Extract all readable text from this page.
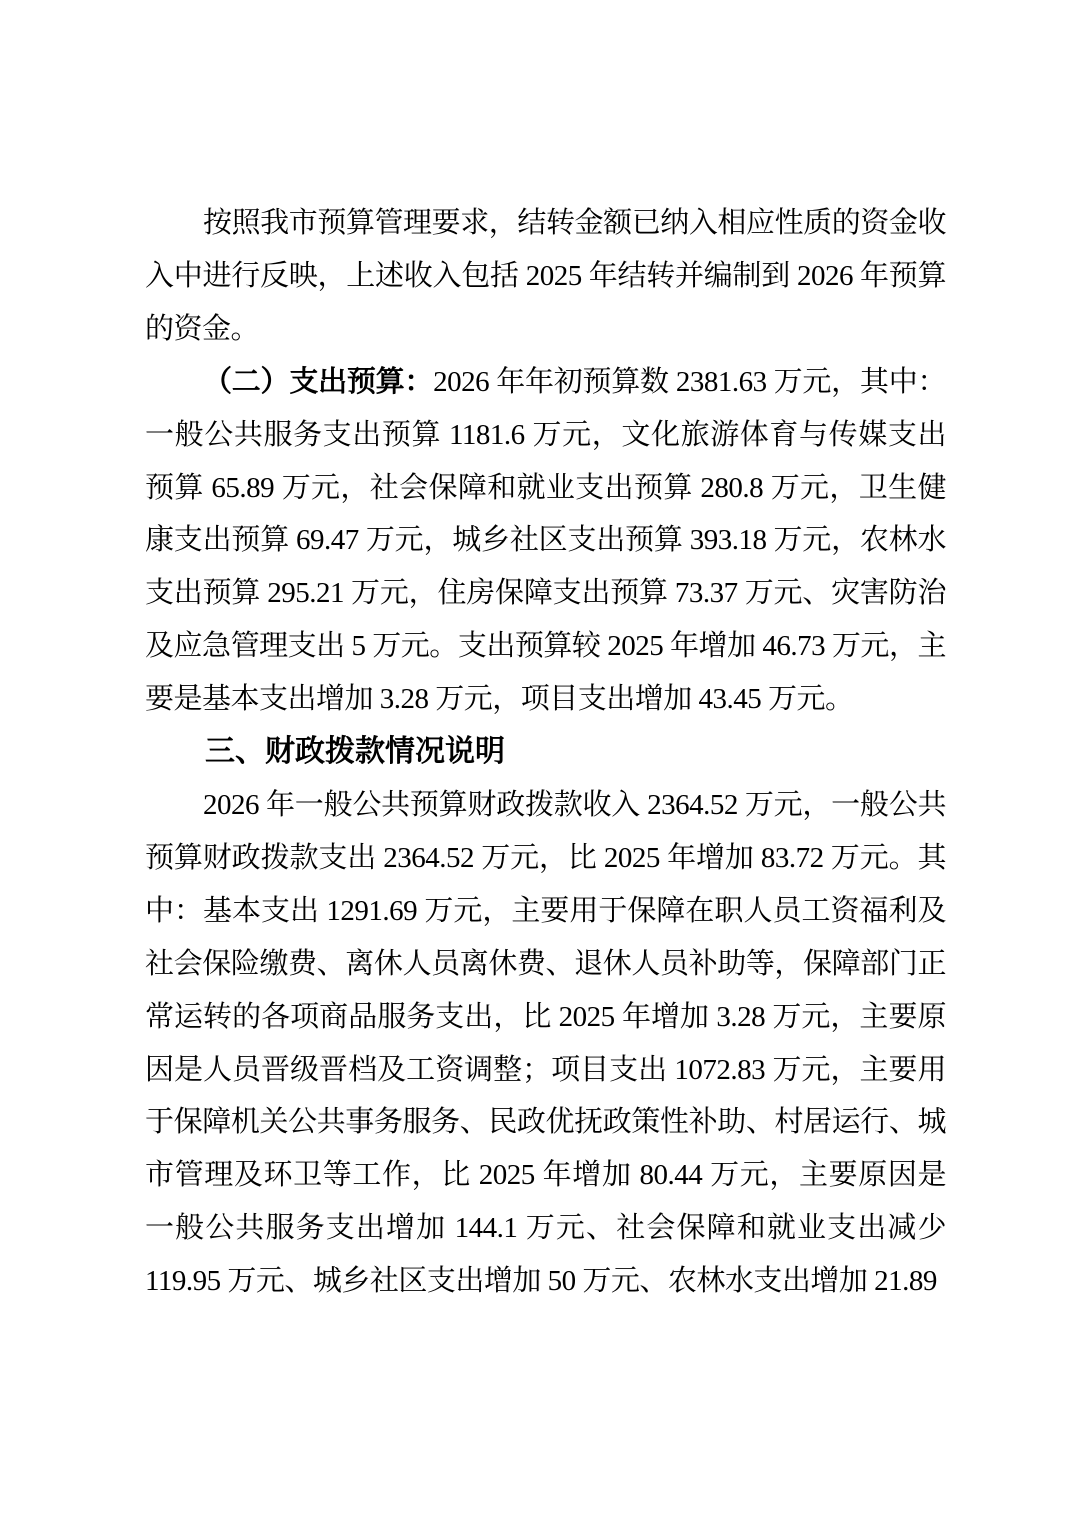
按照我市预算管理要求，结转金额已纳入相应性质的资金收入中进行反映，上述收入包括 2025 年结转并编制到 2026 年预算的资金。

（二）支出预算：2026 年年初预算数 2381.63 万元，其中：一般公共服务支出预算 1181.6 万元，文化旅游体育与传媒支出预算 65.89 万元，社会保障和就业支出预算 280.8 万元，卫生健康支出预算 69.47 万元，城乡社区支出预算 393.18 万元，农林水支出预算 295.21 万元，住房保障支出预算 73.37 万元、灾害防治及应急管理支出 5 万元。支出预算较 2025 年增加 46.73 万元，主要是基本支出增加 3.28 万元，项目支出增加 43.45 万元。

三、财政拨款情况说明

2026 年一般公共预算财政拨款收入 2364.52 万元，一般公共预算财政拨款支出 2364.52 万元，比 2025 年增加 83.72 万元。其中：基本支出 1291.69 万元，主要用于保障在职人员工资福利及社会保险缴费、离休人员离休费、退休人员补助等，保障部门正常运转的各项商品服务支出，比 2025 年增加 3.28 万元，主要原因是人员晋级晋档及工资调整；项目支出 1072.83 万元，主要用于保障机关公共事务服务、民政优抚政策性补助、村居运行、城市管理及环卫等工作，比 2025 年增加 80.44 万元，主要原因是一般公共服务支出增加 144.1 万元、社会保障和就业支出减少 119.95 万元、城乡社区支出增加 50 万元、农林水支出增加 21.89
